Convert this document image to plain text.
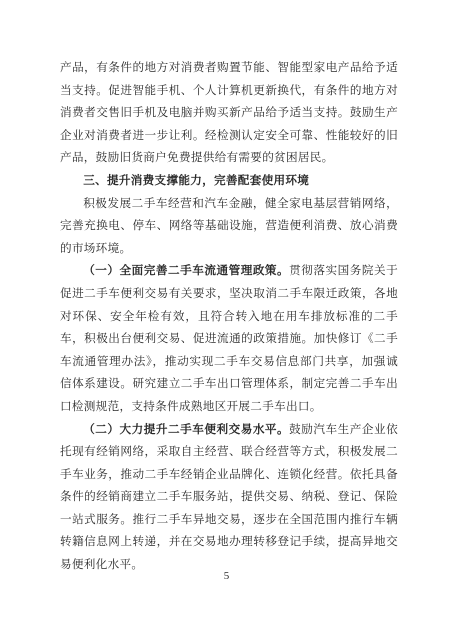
产品，有条件的地方对消费者购置节能、智能型家电产品给予适当支持。促进智能手机、个人计算机更新换代，有条件的地方对消费者交售旧手机及电脑并购买新产品给予适当支持。鼓励生产企业对消费者进一步让利。经检测认定安全可靠、性能较好的旧产品，鼓励旧货商户免费提供给有需要的贫困居民。

三、提升消费支撑能力，完善配套使用环境

积极发展二手车经营和汽车金融，健全家电基层营销网络，完善充换电、停车、网络等基础设施，营造便利消费、放心消费的市场环境。

（一）全面完善二手车流通管理政策。贯彻落实国务院关于促进二手车便利交易有关要求，坚决取消二手车限迁政策，各地对环保、安全年检有效，且符合转入地在用车排放标准的二手车，积极出台便利交易、促进流通的政策措施。加快修订《二手车流通管理办法》，推动实现二手车交易信息部门共享，加强诚信体系建设。研究建立二手车出口管理体系，制定完善二手车出口检测规范，支持条件成熟地区开展二手车出口。

（二）大力提升二手车便利交易水平。鼓励汽车生产企业依托现有经销网络，采取自主经营、联合经营等方式，积极发展二手车业务，推动二手车经销企业品牌化、连锁化经营。依托具备条件的经销商建立二手车服务站，提供交易、纳税、登记、保险一站式服务。推行二手车异地交易，逐步在全国范围内推行车辆转籍信息网上转递，并在交易地办理转移登记手续，提高异地交易便利化水平。

5
